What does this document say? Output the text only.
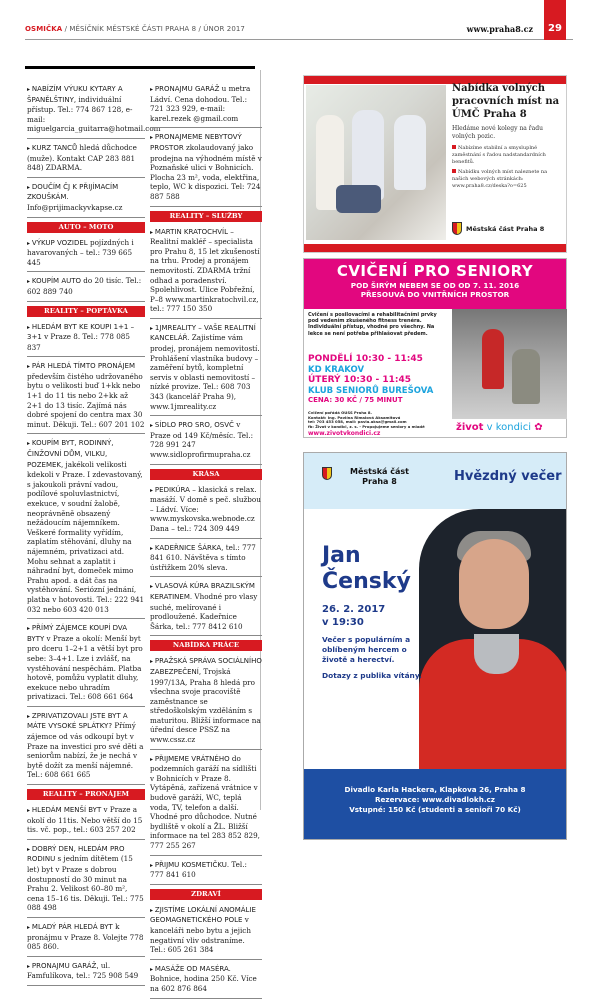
OSMIČKA / MĚSÍČNÍK MĚSTSKÉ ČÁSTI PRAHA 8 / ÚNOR 2017	www.praha8.cz	29
▸ NABÍZÍM VÝUKU KYTARY A ŠPANĚLŠTINY, individuální přístup. Tel.: 774 867 128, e-mail: miguelgarcia_guitarra@hotmail.com
▸ KURZ TANCŮ hledá důchodce (muže). Kontakt CAP 283 881 848) ZDARMA.
▸ DOUČÍM ČJ K PŘIJÍMACÍM ZKOUŠKÁM. Info@prijimackyvkapse.cz
AUTO – MOTO
▸ VÝKUP VOZIDEL pojízdných i havarovaných – tel.: 739 665 445
▸ KOUPÍM AUTO do 20 tisíc. Tel.: 602 889 740
REALITY – POPTÁVKA
▸ HLEDÁM BYT KE KOUPI 1+1 – 3+1 v Praze 8. Tel.: 778 085 837
▸ PÁR HLEDÁ TÍMTO PRONÁJEM především čistého udržovaného bytu o velikosti buď 1+kk nebo 1+1 do 11 tis nebo 2+kk až 2+1 do 13 tisíc. Zajímá nás dobré spojení do centra max 30 minut. Děkuji. Tel.: 607 201 102
▸ KOUPÍM BYT, RODINNÝ, ČINŽOVNÍ DŮM, VILKU, POZEMEK, jakékoli velikosti kdekoli v Praze. I zdevastovaný, s jakoukoli právní vadou, podílové spoluvlastnictví, exekuce, v soudní žalobě, neoprávněně obsazený nežádoucím nájemníkem. Veškeré formality vyřídím, zaplatím stěhování, dluhy na nájemném, privatizaci atd. Mohu sehnat a zaplatit i náhradní byt, domeček mimo Prahu apod. a dát čas na vystěhování. Seriózní jednání, platba v hotovosti. Tel.: 222 941 032 nebo 603 420 013
▸ PŘÍMÝ ZÁJEMCE KOUPÍ DVA BYTY v Praze a okolí: Menší byt pro dceru 1–2+1 a větší byt pro sebe: 3–4+1. Lze i zvlášť, na vystěhování nespěchám. Platba hotově, pomůžu vyplatit dluhy, exekuce nebo uhradím privatizaci. Tel.: 608 661 664
▸ ZPRIVATIZOVALI JSTE BYT A MÁTE VYSOKÉ SPLÁTKY? Přímý zájemce od vás odkoupí byt v Praze na investici pro své děti a seniorům nabízí, že je nechá v bytě dožít za menší nájemné. Tel.: 608 661 665
REALITY – PRONÁJEM
▸ HLEDÁM MENŠÍ BYT v Praze a okolí do 11tis. Nebo větší do 15 tis. vč. pop., tel.: 603 257 202
▸ DOBRÝ DEN, HLEDÁM PRO RODINU s jedním dítětem (15 let) byt v Praze s dobrou dostupností do 30 minut na Prahu 2. Velikost 60–80 m², cena 15–16 tis. Děkuji. Tel.: 775 088 498
▸ MLADÝ PÁR HLEDÁ BYT k pronájmu v Praze 8. Volejte 778 085 860.
▸ PRONAJMU GARÁŽ, ul. Famfulíkova, tel.: 725 908 549
▸ PRONAJMU GARÁŽ u metra Ládví. Cena dohodou. Tel.: 721 323 929, e-mail: karel.rezek @gmail.com
▸ PRONAJMEME NEBYTOVÝ PROSTOR zkolaudovaný jako prodejna na výhodném místě v Poznaňské ulici v Bohnicích. Plocha 23 m², voda, elektřina, teplo, WC k dispozici. Tel: 724 887 588
REALITY – SLUŽBY
▸ MARTIN KRATOCHVÍL – Realitní makléř – specialista pro Prahu 8, 15 let zkušeností na trhu. Prodej a pronájem nemovitostí. ZDARMA tržní odhad a poradenství. Spolehlivost. Ulice Pobřežní, P–8 www.martinkratochvil.cz, tel.: 777 150 350
▸ 1JMREALITY – VAŠE REALITNÍ KANCELÁŘ. Zajistíme vám prodej, pronájem nemovitostí. Prohlášení vlastníka budovy – zaměření bytů, kompletní servis v oblasti nemovitostí – nízké provize. Tel.: 608 703 343 (kancelář Praha 9), www.1jmreality.cz
▸ SÍDLO PRO SRO, OSVČ v Praze od 149 Kč/měsíc. Tel.: 728 991 247 www.sidloprofirmupraha.cz
KRÁSA
▸ PEDIKÚRA – klasická s relax. masáží. V domě s peč. službou – Ládví. Více: www.myskovska.webnode.cz Dana – tel.: 724 309 449
▸ KADEŘNICE ŠÁRKA, tel.: 777 841 610. Návštěva s tímto ústřižkem 20% sleva.
▸ VLASOVÁ KÚRA BRAZILSKÝM KERATINEM. Vhodné pro vlasy suché, melírované i prodloužené. Kadeřnice Šárka, tel.: 777 8412 610
NABÍDKA PRÁCE
▸ PRAŽSKÁ SPRÁVA SOCIÁLNÍHO ZABEZPEČENÍ, Trojská 1997/13A, Praha 8 hledá pro všechna svoje pracoviště zaměstnance se středoškolským vzděláním s maturitou. Bližší informace na úřední desce PSSZ na www.cssz.cz
▸ PŘIJMEME VRÁTNÉHO do podzemních garáží na sídlišti v Bohnicích v Praze 8. Vytápěná, zařízená vrátnice v budově garáží, WC, teplá voda, TV, telefon a další. Vhodné pro důchodce. Nutné bydliště v okolí a ŽL. Bližší informace na tel 283 852 829, 777 255 267
▸ PŘIJMU KOSMETIČKU. Tel.: 777 841 610
ZDRAVÍ
▸ ZJISTÍME LOKÁLNÍ ANOMÁLIE GEOMAGNETICKÉHO POLE v kanceláři nebo bytu a jejich negativní vliv odstraníme. Tel.: 605 261 384
▸ MASÁŽE OD MASÉRA. Bohnice, hodina 250 Kč. Více na 602 876 864
Nabídka volných pracovních míst na ÚMČ Praha 8
Hledáme nové kolegy na řadu volných pozic.
Nabízíme stabilní a smysluplné zaměstnání s řadou nadstandardních benefitů.
Nabídku volných míst naleznete na našich webových stránkách: www.praha8.cz/deska?o=625
Městská část Praha 8
CVIČENÍ PRO SENIORY
POD ŠIRÝM NEBEM SE OD OD 7. 11. 2016
PŘESOUVÁ DO VNITŘNÍCH PROSTOR
Cvičení s posilovacími a rehabilitačními prvky pod vedením zkušeného fitness trenéra. Individuální přístup, vhodné pro všechny. Na lekce se není potřeba přihlašovat předem.
PONDĚLÍ 10:30 - 11:45
KD KRAKOV
ÚTERÝ 10:30 - 11:45
KLUB SENIORŮ BUREŠOVA
CENA: 30 KČ / 75 MINUT
Cvičení pořádá OUSS Praha 8.
Kontakt: Ing. Pavlína Rimalová Aksamitová
tel: 703 453 058, mail: pavla.aksa@gmail.com
fb: Život v kondici, z. s. - Propojujeme seniory a mladé
www.zivotvkondici.cz
život v kondici ✿
Městská část
Praha 8	Hvězdný večer
Jan
Čenský
26. 2. 2017
v 19:30

Večer s populárním a oblíbeným hercem o životě a herectví.

Dotazy z publika vítány.

Divadlo Karla Hackera, Klapkova 26, Praha 8
Rezervace: www.divadlokh.cz
Vstupné: 150 Kč (studenti a senioři 70 Kč)
